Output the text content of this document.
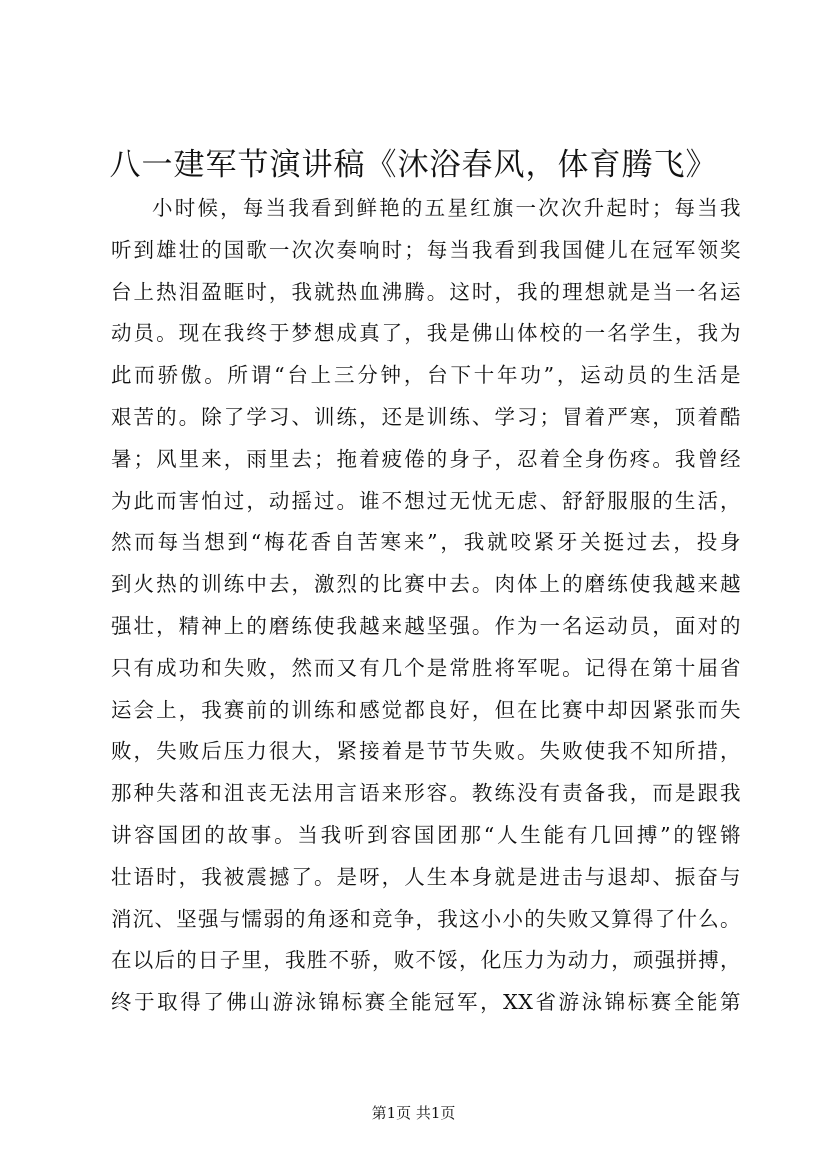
八一建军节演讲稿《沐浴春风，体育腾飞》
小时候，每当我看到鲜艳的五星红旗一次次升起时；每当我
听到雄壮的国歌一次次奏响时；每当我看到我国健儿在冠军领奖
台上热泪盈眶时，我就热血沸腾。这时，我的理想就是当一名运
动员。现在我终于梦想成真了，我是佛山体校的一名学生，我为
此而骄傲。所谓“台上三分钟，台下十年功”，运动员的生活是
艰苦的。除了学习、训练，还是训练、学习；冒着严寒，顶着酷
暑；风里来，雨里去；拖着疲倦的身子，忍着全身伤疼。我曾经
为此而害怕过，动摇过。谁不想过无忧无虑、舒舒服服的生活，
然而每当想到“梅花香自苦寒来”，我就咬紧牙关挺过去，投身
到火热的训练中去，激烈的比赛中去。肉体上的磨练使我越来越
强壮，精神上的磨练使我越来越坚强。作为一名运动员，面对的
只有成功和失败，然而又有几个是常胜将军呢。记得在第十届省
运会上，我赛前的训练和感觉都良好，但在比赛中却因紧张而失
败，失败后压力很大，紧接着是节节失败。失败使我不知所措，
那种失落和沮丧无法用言语来形容。教练没有责备我，而是跟我
讲容国团的故事。当我听到容国团那“人生能有几回搏”的铿锵
壮语时，我被震撼了。是呀，人生本身就是进击与退却、振奋与
消沉、坚强与懦弱的角逐和竞争，我这小小的失败又算得了什么。
在以后的日子里，我胜不骄，败不馁，化压力为动力，顽强拼搏，
终于取得了佛山游泳锦标赛全能冠军，XX省游泳锦标赛全能第
第1页 共1页
